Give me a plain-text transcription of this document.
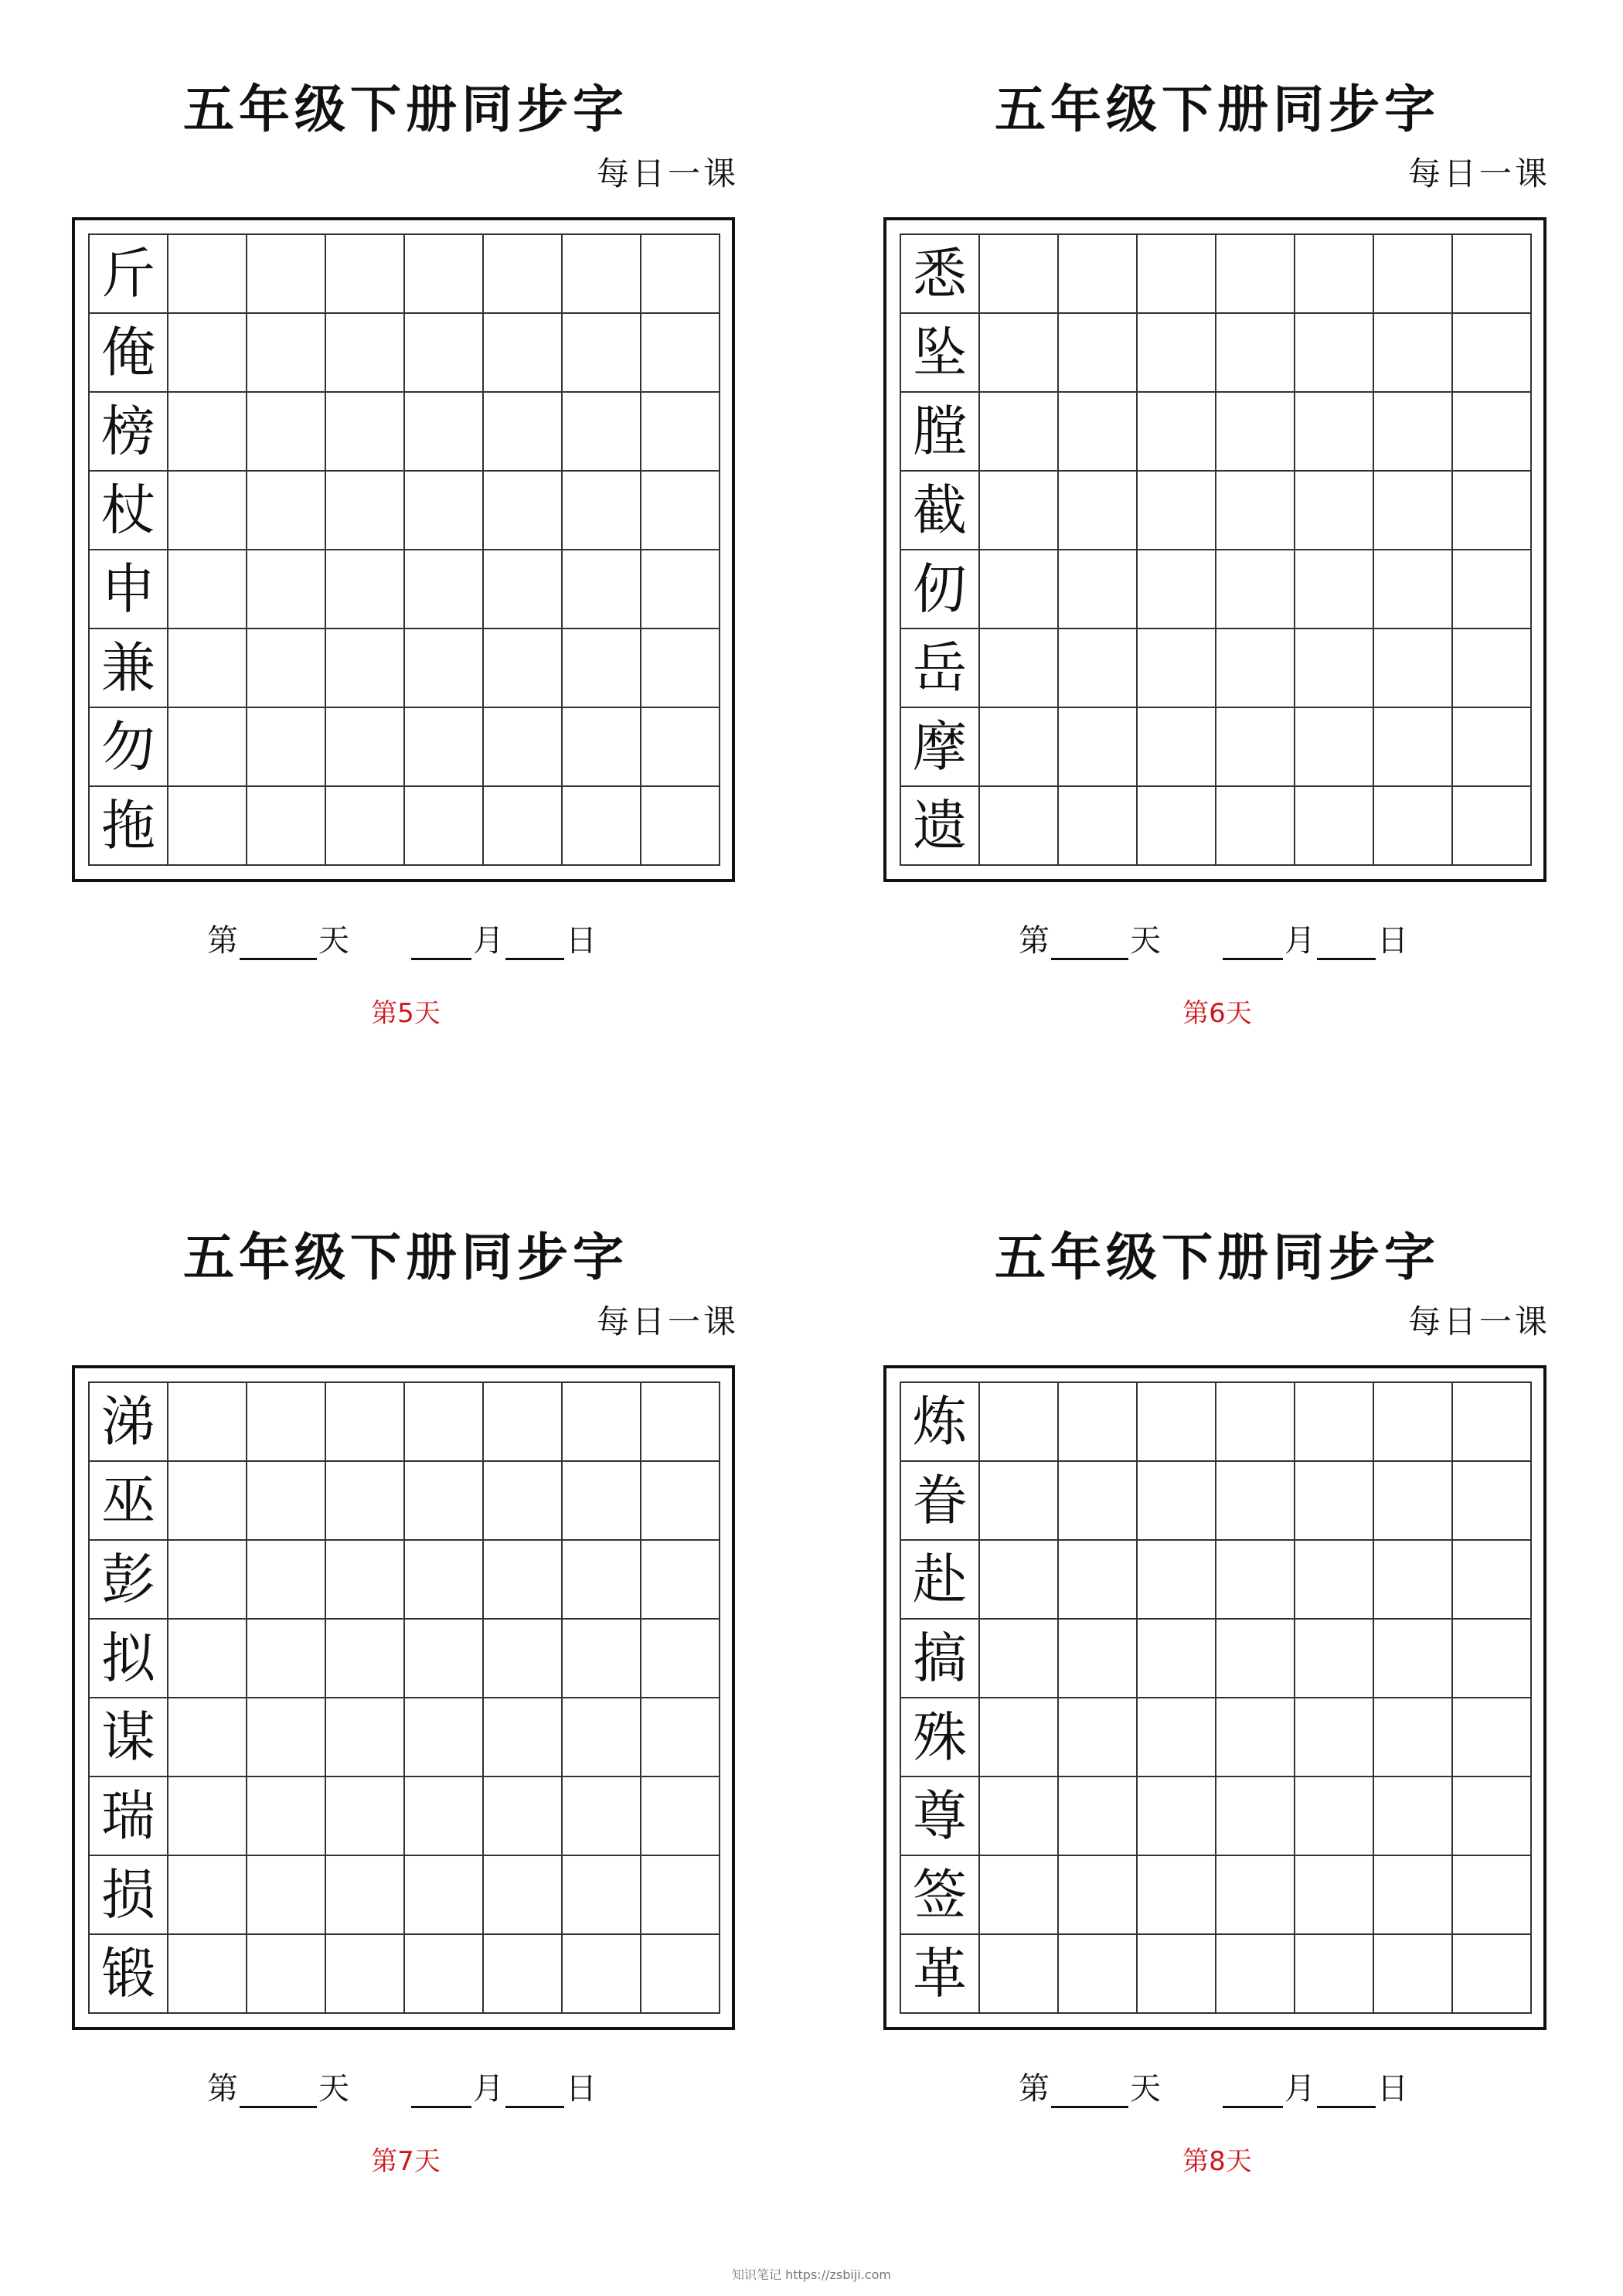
五年级下册同步字
每日一课
斤
俺
榜
杖
申
兼
勿
拖
第	天	月 日
第5天
五年级下册同步字
每日一课
悉
坠
膛
截
仞
岳
摩
遗
第	天	月 日
第6天
五年级下册同步字
每日一课
涕
巫
彭
拟
谋
瑞
损
锻
第	天	月 日
第7天
五年级下册同步字
每日一课
炼
眷
赴
搞
殊
尊
签
革
第	天	月 日
第8天
知识笔记 https://zsbiji.com
